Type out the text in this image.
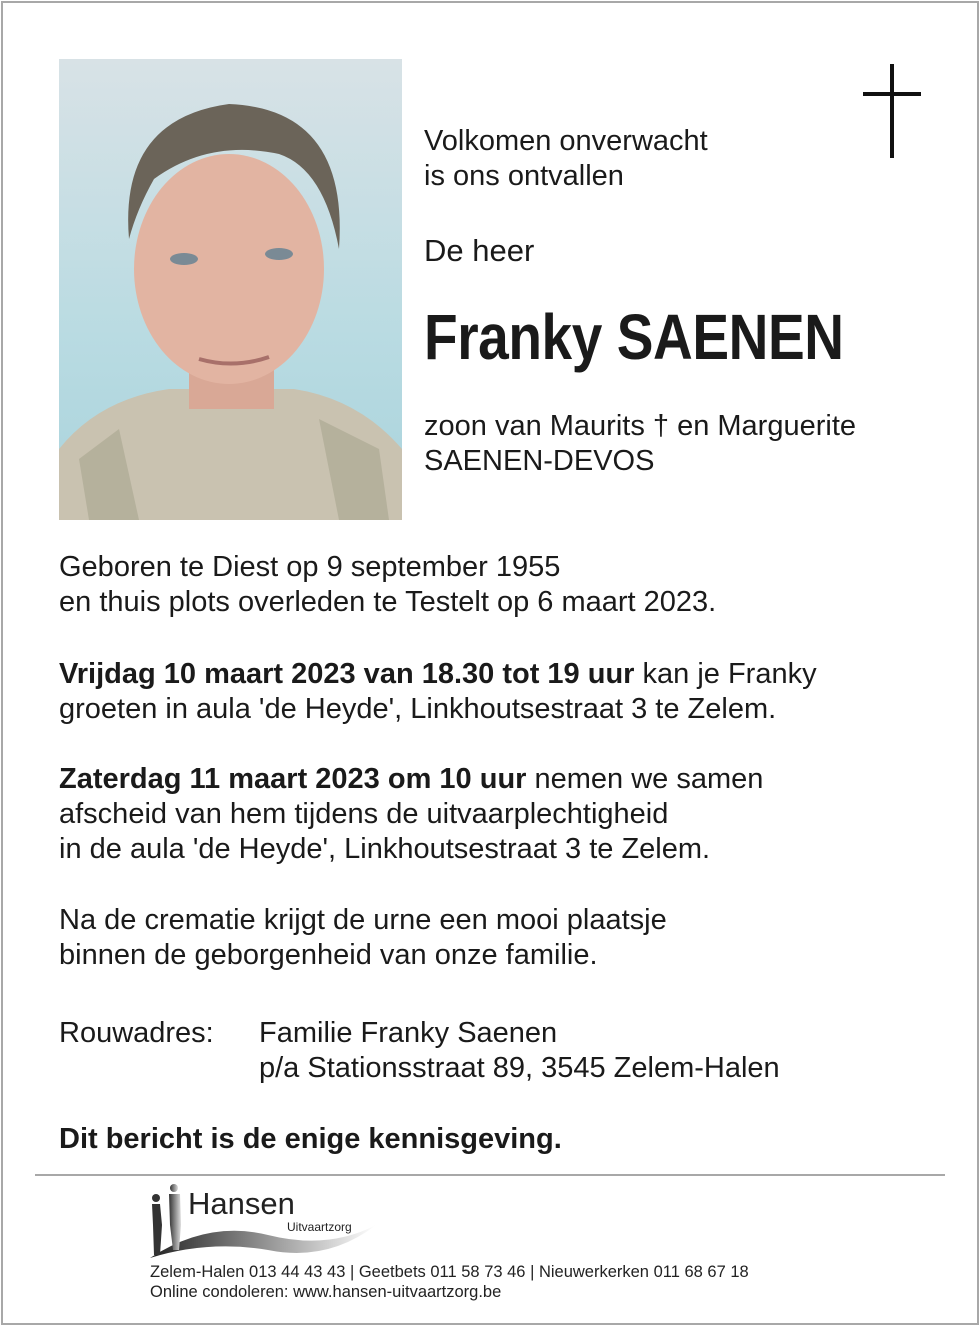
Volkomen onverwacht
is ons ontvallen
De heer
Franky SAENEN
zoon van Maurits † en Marguerite
SAENEN-DEVOS
Geboren te Diest op 9 september 1955
en thuis plots overleden te Testelt op 6 maart 2023.
Vrijdag 10 maart 2023 van 18.30 tot 19 uur kan je Franky
groeten in aula 'de Heyde', Linkhoutsestraat 3 te Zelem.
Zaterdag 11 maart 2023 om 10 uur nemen we samen
afscheid van hem tijdens de uitvaarplechtigheid
in de aula 'de Heyde', Linkhoutsestraat 3 te Zelem.
Na de crematie krijgt de urne een mooi plaatsje
binnen de geborgenheid van onze familie.
Rouwadres: Familie Franky Saenen
p/a Stationsstraat 89, 3545 Zelem-Halen
Dit bericht is de enige kennisgeving.
Hansen
Uitvaartzorg
Zelem-Halen 013 44 43 43 | Geetbets 011 58 73 46 | Nieuwerkerken 011 68 67 18
Online condoleren: www.hansen-uitvaartzorg.be
